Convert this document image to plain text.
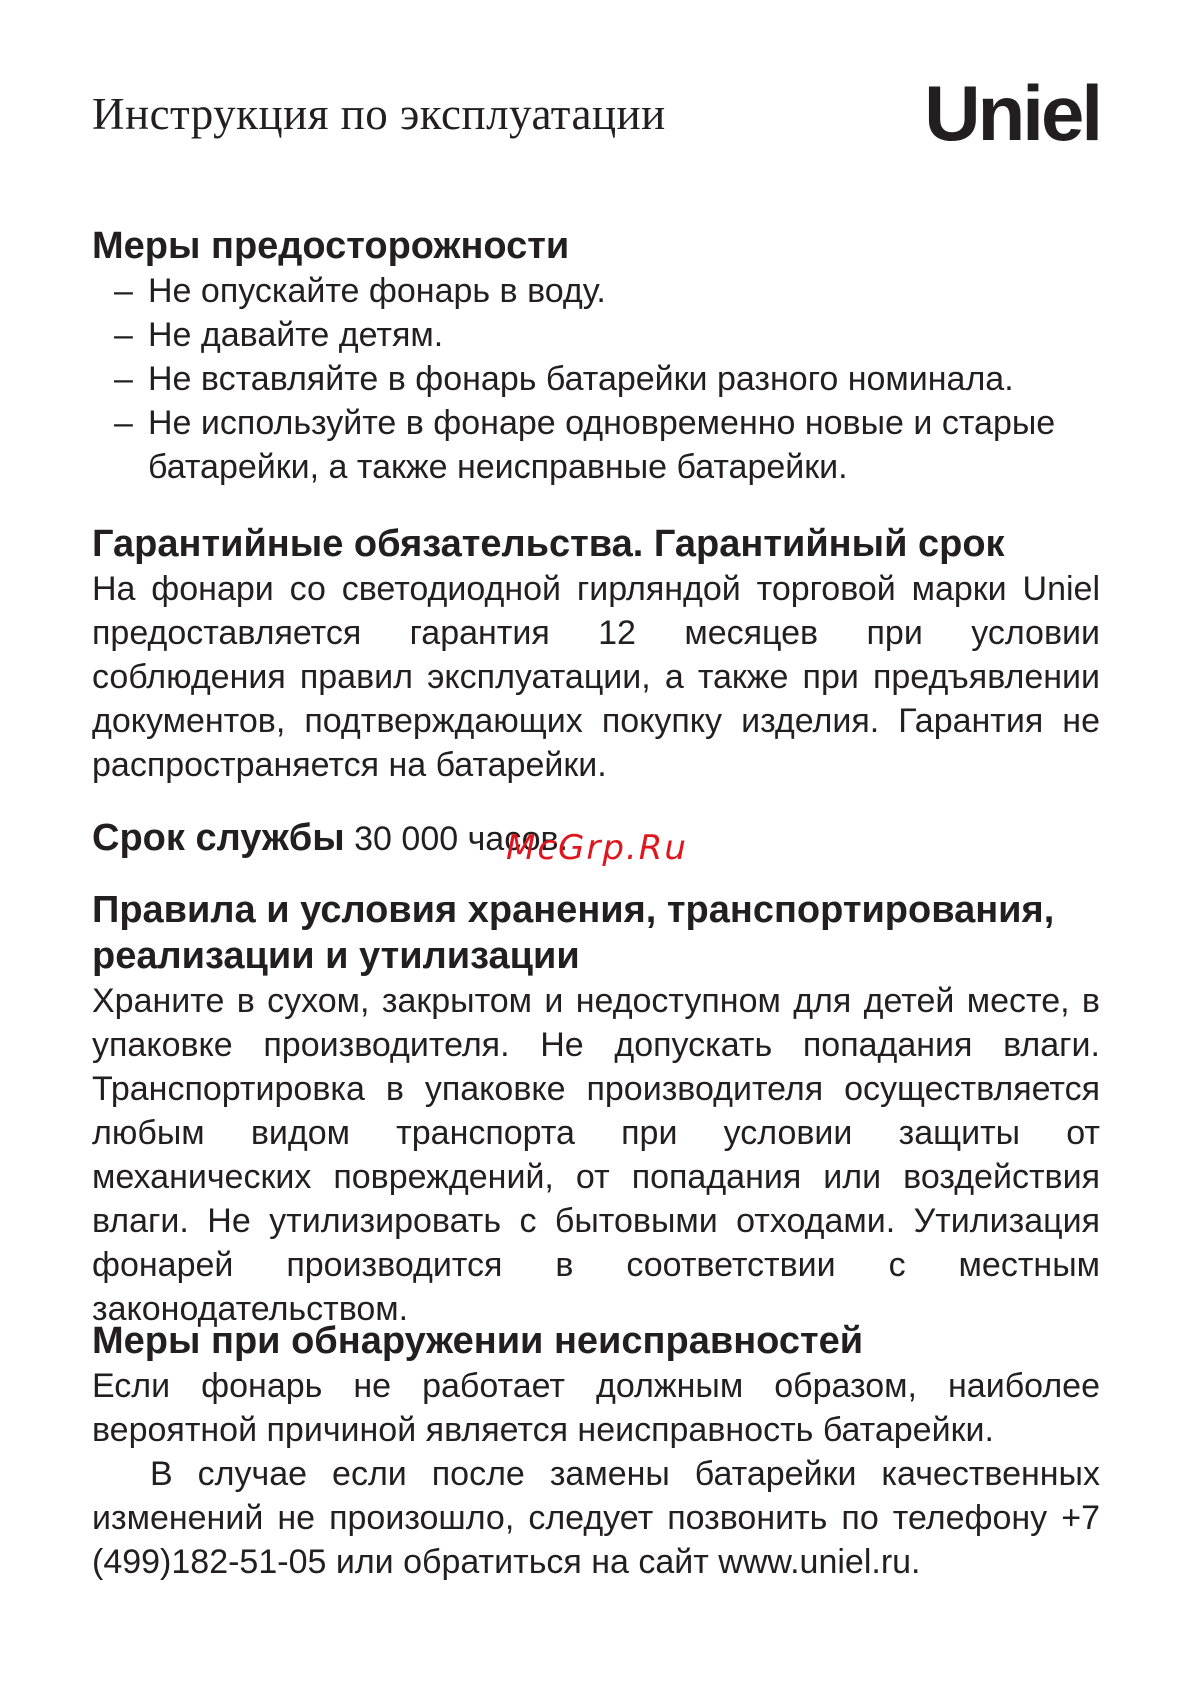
Инструкция по эксплуатации	Uniel
Меры предосторожности
– Не опускайте фонарь в воду.
– Не давайте детям.
– Не вставляйте в фонарь батарейки разного номинала.
– Не используйте в фонаре одновременно новые и старые батарейки, а также неисправные батарейки.
Гарантийные обязательства. Гарантийный срок

На фонари со светодиодной гирляндой торговой марки Uniel предоставляется гарантия 12 месяцев при условии соблюдения правил эксплуатации, а также при предъявлении документов, подтверждающих покупку изделия. Гарантия не распространяется на батарейки.

Срок службы 30 000 часов.
McGrp.Ru
Правила и условия хранения, транспортирования, реализации и утилизации

Храните в сухом, закрытом и недоступном для детей месте, в упаковке производителя. Не допускать попадания влаги. Транспортировка в упаковке производителя осуществляется любым видом транспорта при условии защиты от механических повреждений, от попадания или воздействия влаги. Не утилизировать с бытовыми отходами. Утилизация фонарей производится в соответствии с местным законодательством.

Меры при обнаружении неисправностей

Если фонарь не работает должным образом, наиболее вероятной причиной является неисправность батарейки.

В случае если после замены батарейки качественных изменений не произошло, следует позвонить по телефону +7 (499)182-51-05 или обратиться на сайт www.uniel.ru.
